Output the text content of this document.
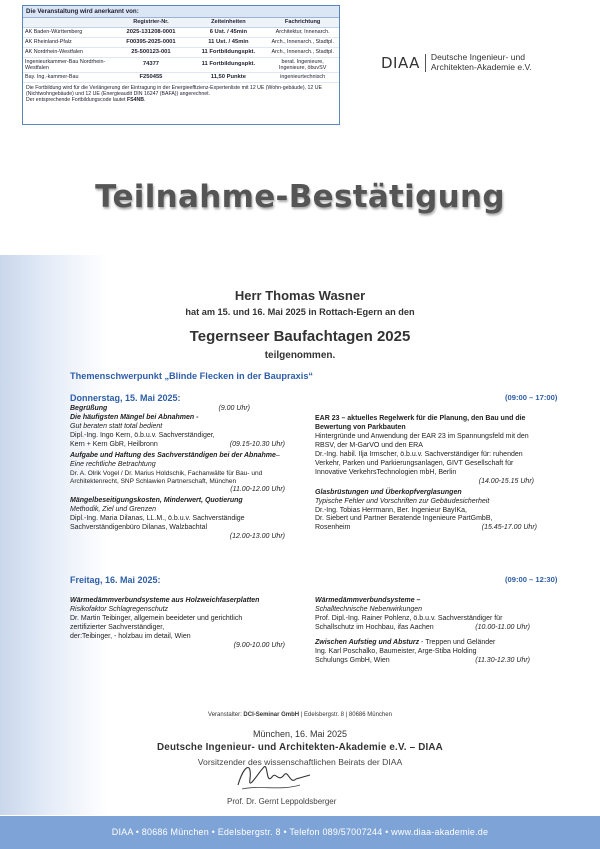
Die Veranstaltung wird anerkannt von:
	Registrier-Nr.	Zeiteinheiten	Fachrichtung
AK Baden-Württemberg	2025-131208-0001	6 Ust. / 45min	Architektur, Innenarch.
AK Rheinland-Pfalz	F00395-2025-0001	11 Ust. / 45min	Arch., Innenarch., Stadtpl.
AK Nordrhein-Westfalen	25-500123-001	11 Fortbildungspkt.	Arch., Innenarch., Stadtpl.
Ingenieurkammer-Bau Nordrhein-Westfalen	74377	11 Fortbildungspkt.	berat. Ingenieure, Ingenieure, öbuvSV
Bay. Ing.-kammer-Bau	F250455	11,50 Punkte	ingenieurtechnisch
Die Fortbildung wird für die Verlängerung der Eintragung in der Energieeffizienz-Expertenliste mit 12 UE (Wohn-gebäude), 12 UE (Nichtwohngebäude) und 12 UE (Energieaudit DIN 16247 (BAFA)) angerechnet.
Der entsprechende Fortbildungscode lautet FS4NB.
DIAA Deutsche Ingenieur- und
Architekten-Akademie e.V.
Teilnahme-Bestätigung
Herr Thomas Wasner
hat am 15. und 16. Mai 2025 in Rottach-Egern an den
Tegernseer Baufachtagen 2025
teilgenommen.
Themenschwerpunkt „Blinde Flecken in der Baupraxis“
Donnerstag, 15. Mai 2025:	(09:00 – 17:00)
Begrüßung	(9.00 Uhr)
Die häufigsten Mängel bei Abnahmen -
Gut beraten statt total bedient
Dipl.-Ing. Ingo Kern, ö.b.u.v. Sachverständiger,
Kern + Kern GbR, Heilbronn	(09.15-10.30 Uhr)
Aufgabe und Haftung des Sachverständigen bei der Abnahme– Eine rechtliche Betrachtung
Dr. A. Olrik Vogel / Dr. Marius Holdschik, Fachanwälte für Bau- und Architektenrecht, SNP Schlawien Partnerschaft, München
(11.00-12.00 Uhr)
Mängelbeseitigungskosten, Minderwert, Quotierung
Methodik, Ziel und Grenzen
Dipl.-Ing. Maria Dilanas, LL.M., ö.b.u.v. Sachverständige
Sachverständigenbüro Dilanas, Walzbachtal
(12.00-13.00 Uhr)
EAR 23 – aktuelles Regelwerk für die Planung, den Bau und die Bewertung von Parkbauten
Hintergründe und Anwendung der EAR 23 im Spannungsfeld mit den RBSV, der M-GarVO und den ERA
Dr.-Ing. habil. Ilja Irmscher, ö.b.u.v. Sachverständiger für: ruhenden Verkehr, Parken und Parkierungsanlagen, GIVT Gesellschaft für Innovative VerkehrsTechnologien mbH, Berlin
(14.00-15.15 Uhr)
Glasbrüstungen und Überkopfverglasungen
Typische Fehler und Vorschriften zur Gebäudesicherheit
Dr.-Ing. Tobias Herrmann, Ber. Ingenieur BayIKa,
Dr. Siebert und Partner Beratende Ingenieure PartGmbB,
Rosenheim	(15.45-17.00 Uhr)
Freitag, 16. Mai 2025:	(09:00 – 12:30)
Wärmedämmverbundsysteme aus Holzweichfaserplatten
Risikofaktor Schlagregenschutz
Dr. Martin Teibinger, allgemein beeideter und gerichtlich zertifizierter Sachverständiger,
der:Teibinger, - holzbau im detail, Wien
(9.00-10.00 Uhr)
Wärmedämmverbundsysteme –
Schalltechnische Nebenwirkungen
Prof. Dipl.-Ing. Rainer Pohlenz, ö.b.u.v. Sachverständiger für
Schallschutz im Hochbau, ifas Aachen	(10.00-11.00 Uhr)
Zwischen Aufstieg und Absturz - Treppen und Geländer
Ing. Karl Poschalko, Baumeister, Arge-Stiba Holding Schulungs GmbH, Wien	(11.30-12.30 Uhr)
Veranstalter: DCI-Seminar GmbH | Edelsbergstr. 8 | 80686 München
München, 16. Mai 2025
Deutsche Ingenieur- und Architekten-Akademie e.V. – DIAA
Vorsitzender des wissenschaftlichen Beirats der DIAA
Prof. Dr. Gernt Leppoldsberger
DIAA • 80686 München • Edelsbergstr. 8 • Telefon 089/57007244 • www.diaa-akademie.de
